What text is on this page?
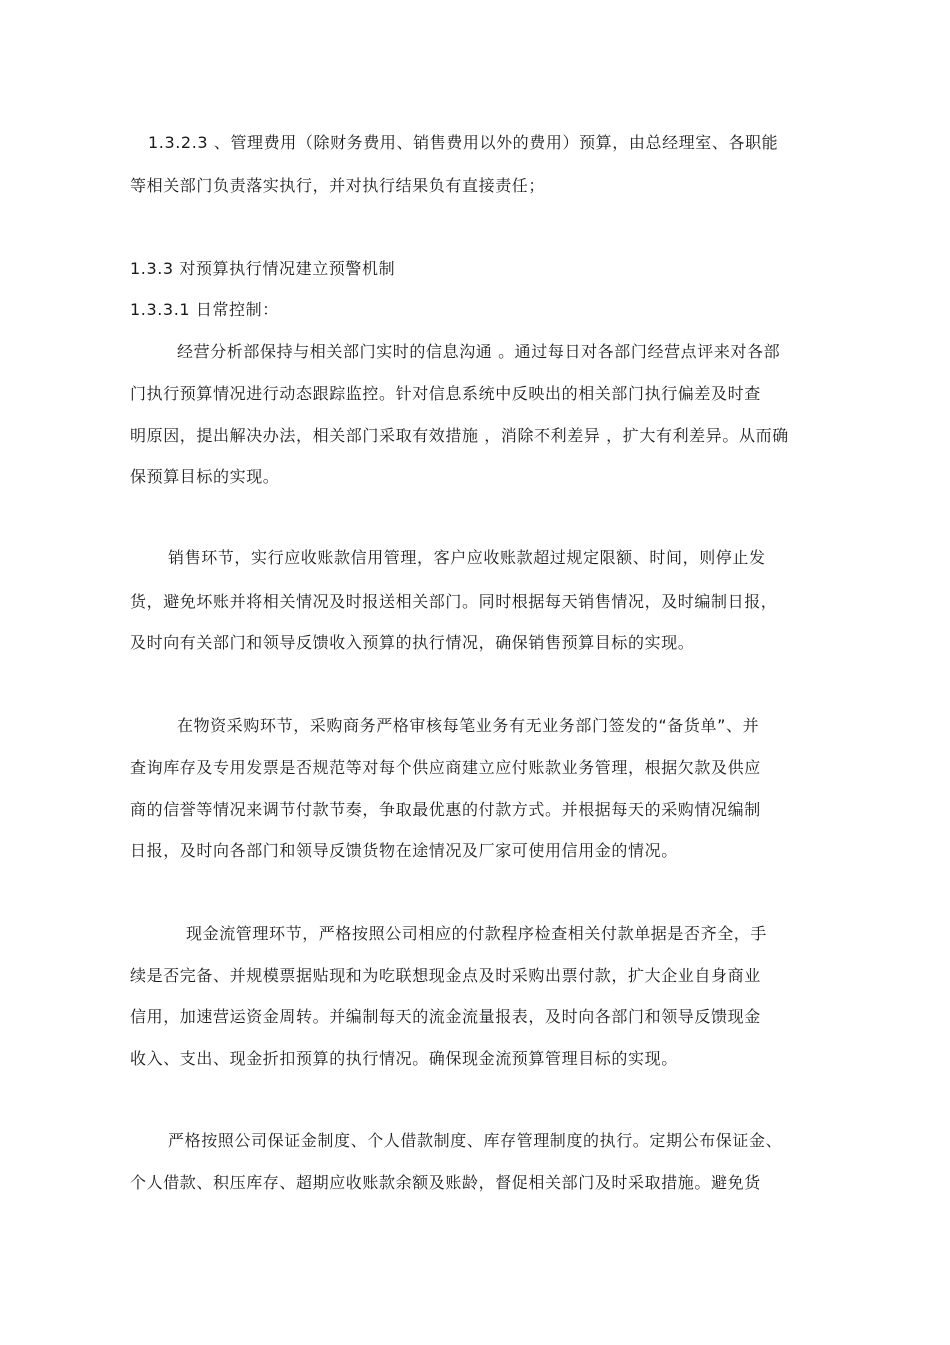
1.3.2.3 、管理费用（除财务费用、销售费用以外的费用）预算，由总经理室、各职能
等相关部门负责落实执行，并对执行结果负有直接责任；
1.3.3 对预算执行情况建立预警机制
1.3.3.1 日常控制：
经营分析部保持与相关部门实时的信息沟通 。通过每日对各部门经营点评来对各部
门执行预算情况进行动态跟踪监控。针对信息系统中反映出的相关部门执行偏差及时查
明原因，提出解决办法，相关部门采取有效措施 ，消除不利差异 ，扩大有利差异。从而确
保预算目标的实现。
销售环节，实行应收账款信用管理，客户应收账款超过规定限额、时间，则停止发
货，避免坏账并将相关情况及时报送相关部门。同时根据每天销售情况，及时编制日报，
及时向有关部门和领导反馈收入预算的执行情况，确保销售预算目标的实现。
在物资采购环节，采购商务严格审核每笔业务有无业务部门签发的“备货单”、并
查询库存及专用发票是否规范等对每个供应商建立应付账款业务管理，根据欠款及供应
商的信誉等情况来调节付款节奏，争取最优惠的付款方式。并根据每天的采购情况编制
日报，及时向各部门和领导反馈货物在途情况及厂家可使用信用金的情况。
现金流管理环节，严格按照公司相应的付款程序检查相关付款单据是否齐全，手
续是否完备、并规模票据贴现和为吃联想现金点及时采购出票付款，扩大企业自身商业
信用，加速营运资金周转。并编制每天的流金流量报表，及时向各部门和领导反馈现金
收入、支出、现金折扣预算的执行情况。确保现金流预算管理目标的实现。
严格按照公司保证金制度、个人借款制度、库存管理制度的执行。定期公布保证金、
个人借款、积压库存、超期应收账款余额及账龄，督促相关部门及时采取措施。避免货
